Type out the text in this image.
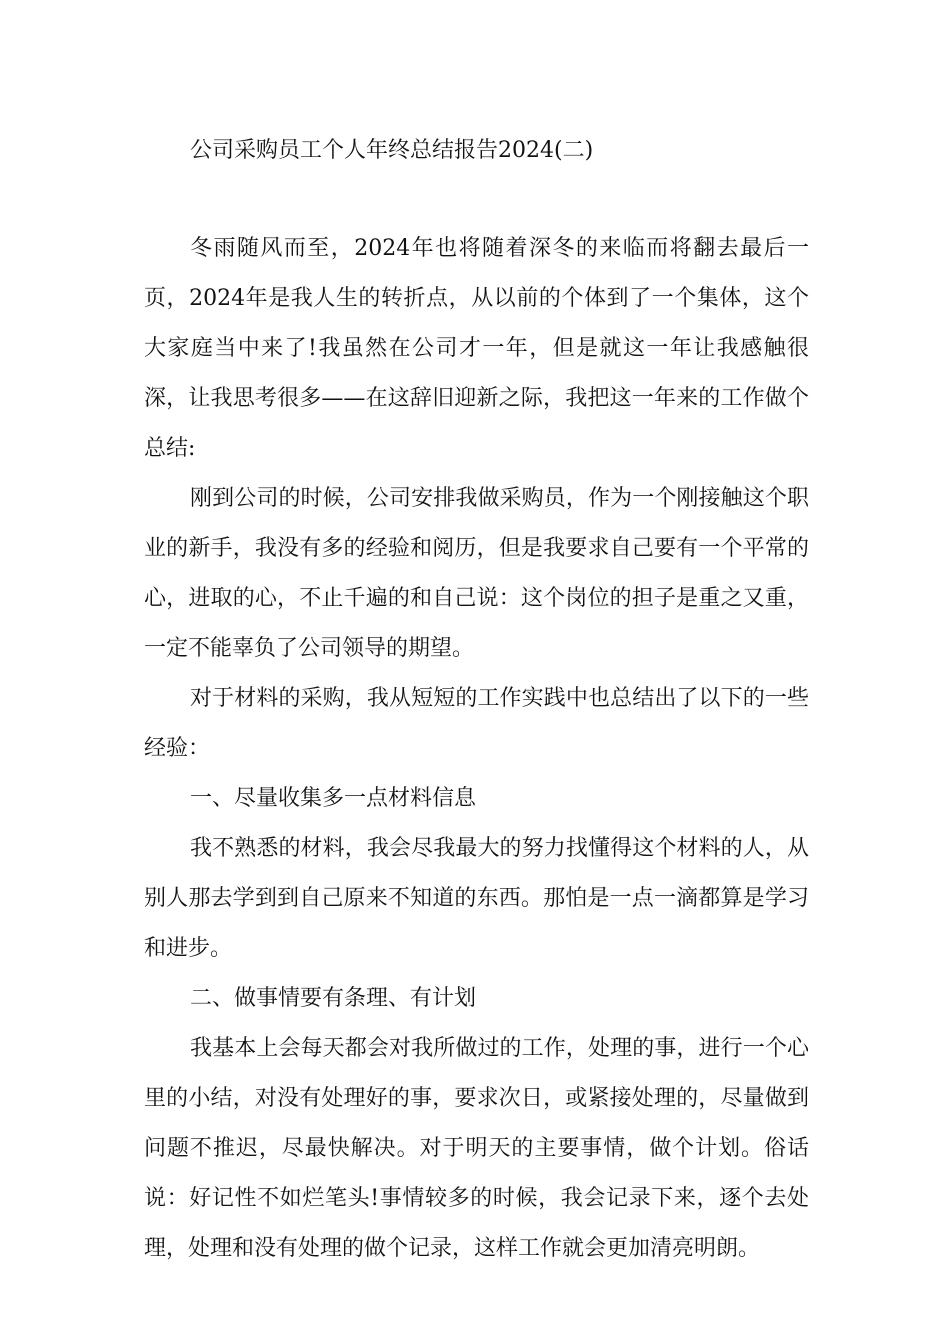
公司采购员工个人年终总结报告2024(二)

冬雨随风而至，2024年也将随着深冬的来临而将翻去最后一页，2024年是我人生的转折点，从以前的个体到了一个集体，这个大家庭当中来了!我虽然在公司才一年，但是就这一年让我感触很深，让我思考很多——在这辞旧迎新之际，我把这一年来的工作做个总结:

刚到公司的时候，公司安排我做采购员，作为一个刚接触这个职业的新手，我没有多的经验和阅历，但是我要求自己要有一个平常的心，进取的心，不止千遍的和自己说：这个岗位的担子是重之又重，一定不能辜负了公司领导的期望。

对于材料的采购，我从短短的工作实践中也总结出了以下的一些经验：

一、尽量收集多一点材料信息

我不熟悉的材料，我会尽我最大的努力找懂得这个材料的人，从别人那去学到到自己原来不知道的东西。那怕是一点一滴都算是学习和进步。

二、做事情要有条理、有计划

我基本上会每天都会对我所做过的工作，处理的事，进行一个心里的小结，对没有处理好的事，要求次日，或紧接处理的，尽量做到问题不推迟，尽最快解决。对于明天的主要事情，做个计划。俗话说：好记性不如烂笔头!事情较多的时候，我会记录下来，逐个去处理，处理和没有处理的做个记录，这样工作就会更加清亮明朗。
